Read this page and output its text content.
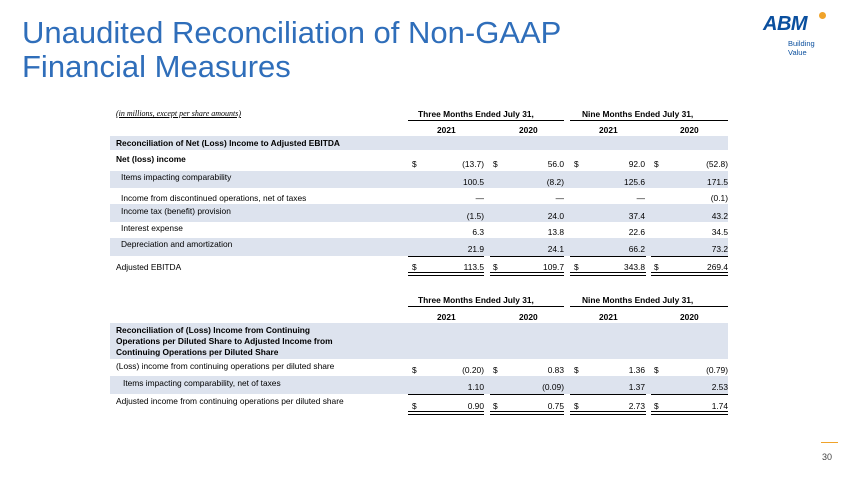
Unaudited Reconciliation of Non-GAAP
Financial Measures
ABM
Building Value
(in millions, except per share amounts)	Three Months Ended July 31,	Nine Months Ended July 31,
2021	2020	2021	2020
Reconciliation of Net (Loss) Income to Adjusted EBITDA
Net (loss) income	$	(13.7) $	56.0 $	92.0 $	(52.8)
Items impacting comparability	100.5	(8.2)	125.6	171.5
Income from discontinued operations, net of taxes	—	—	—	(0.1)
Income tax (benefit) provision	(1.5)	24.0	37.4	43.2
Interest expense	6.3	13.8	22.6	34.5
Depreciation and amortization	21.9	24.1	66.2	73.2
Adjusted EBITDA	$	113.5 $	109.7 $	343.8 $	269.4
Three Months Ended July 31,	Nine Months Ended July 31,
2021	2020	2021	2020
Reconciliation of (Loss) Income from Continuing
Operations per Diluted Share to Adjusted Income from
Continuing Operations per Diluted Share
(Loss) income from continuing operations per diluted share	$	(0.20) $	0.83 $	1.36 $	(0.79)
Items impacting comparability, net of taxes	1.10	(0.09)	1.37	2.53
Adjusted income from continuing operations per diluted share	$	0.90 $	0.75 $	2.73 $	1.74
30
